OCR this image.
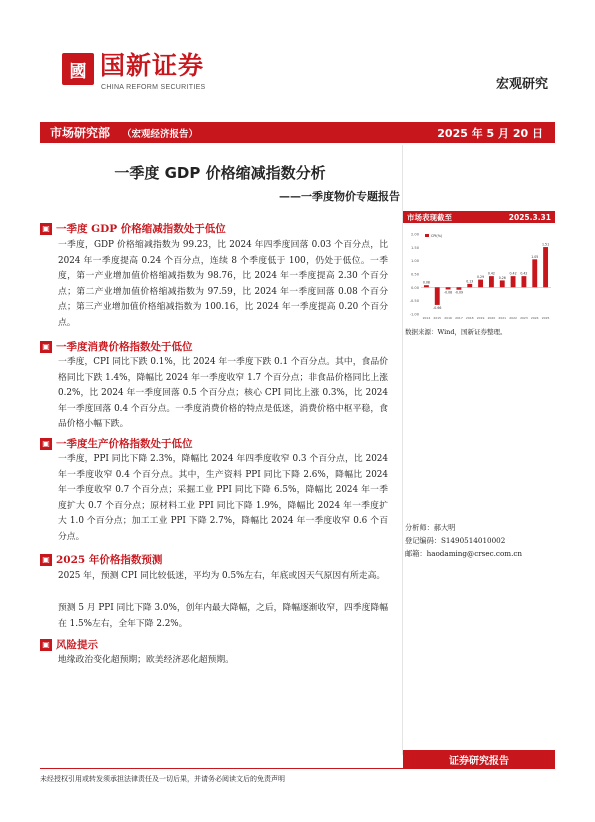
國 国新证券
CHINA REFORM SECURITIES	宏观研究
市场研究部 （宏观经济报告）	2025 年 5 月 20 日
一季度 GDP 价格缩减指数分析
——一季度物价专题报告
▣ 一季度 GDP 价格缩减指数处于低位
一季度，GDP 价格缩减指数为 99.23，比 2024 年四季度回落 0.03 个百分点，比 2024 年一季度提高 0.24 个百分点，连续 8 个季度低于 100，仍处于低位。一季度，第一产业增加值价格缩减指数为 98.76，比 2024 年一季度提高 2.30 个百分点；第二产业增加值价格缩减指数为 97.59，比 2024 年一季度回落 0.08 个百分点；第三产业增加值价格缩减指数为 100.16，比 2024 年一季度提高 0.20 个百分点。
▣ 一季度消费价格指数处于低位
一季度，CPI 同比下跌 0.1%，比 2024 年一季度下跌 0.1 个百分点。其中，食品价格同比下跌 1.4%，降幅比 2024 年一季度收窄 1.7 个百分点；非食品价格同比上涨 0.2%，比 2024 年一季度回落 0.5 个百分点；核心 CPI 同比上涨 0.3%，比 2024 年一季度回落 0.4 个百分点。一季度消费价格的特点是低迷，消费价格中枢平稳，食品价格小幅下跌。
▣ 一季度生产价格指数处于低位
一季度，PPI 同比下降 2.3%，降幅比 2024 年四季度收窄 0.3 个百分点，比 2024 年一季度收窄 0.4 个百分点。其中，生产资料 PPI 同比下降 2.6%，降幅比 2024 年一季度收窄 0.7 个百分点；采掘工业 PPI 同比下降 6.5%，降幅比 2024 年一季度扩大 0.7 个百分点；原材料工业 PPI 同比下降 1.9%，降幅比 2024 年一季度扩大 1.0 个百分点；加工工业 PPI 下降 2.7%，降幅比 2024 年一季度收窄 0.6 个百分点。
▣ 2025 年价格指数预测
2025 年，预测 CPI 同比较低迷，平均为 0.5%左右，年底或因天气原因有所走高。
预测 5 月 PPI 同比下降 3.0%，创年内最大降幅，之后，降幅逐渐收窄，四季度降幅在 1.5%左右，全年下降 2.2%。
▣ 风险提示
地缘政治变化超预期；欧美经济恶化超预期。
市场表现截至	2025.3.31
2.00
1.50
1.00
0.50
0.00
-0.50
-1.00
0.08
2014
-0.66
2015
-0.08
2016
-0.09
2017
0.13
2018
0.29
2019
0.42
2020
0.26
2021
0.42
2022
0.42
2023
1.05
2024
1.51
2025
CPI(%)
数据来源：Wind，国新证券整理。
分析师：郝大明
登记编码：S1490514010002
邮箱：haodaming@crsec.com.cn
证券研究报告
未经授权引用或转发须承担法律责任及一切后果，并请务必阅读文后的免责声明
